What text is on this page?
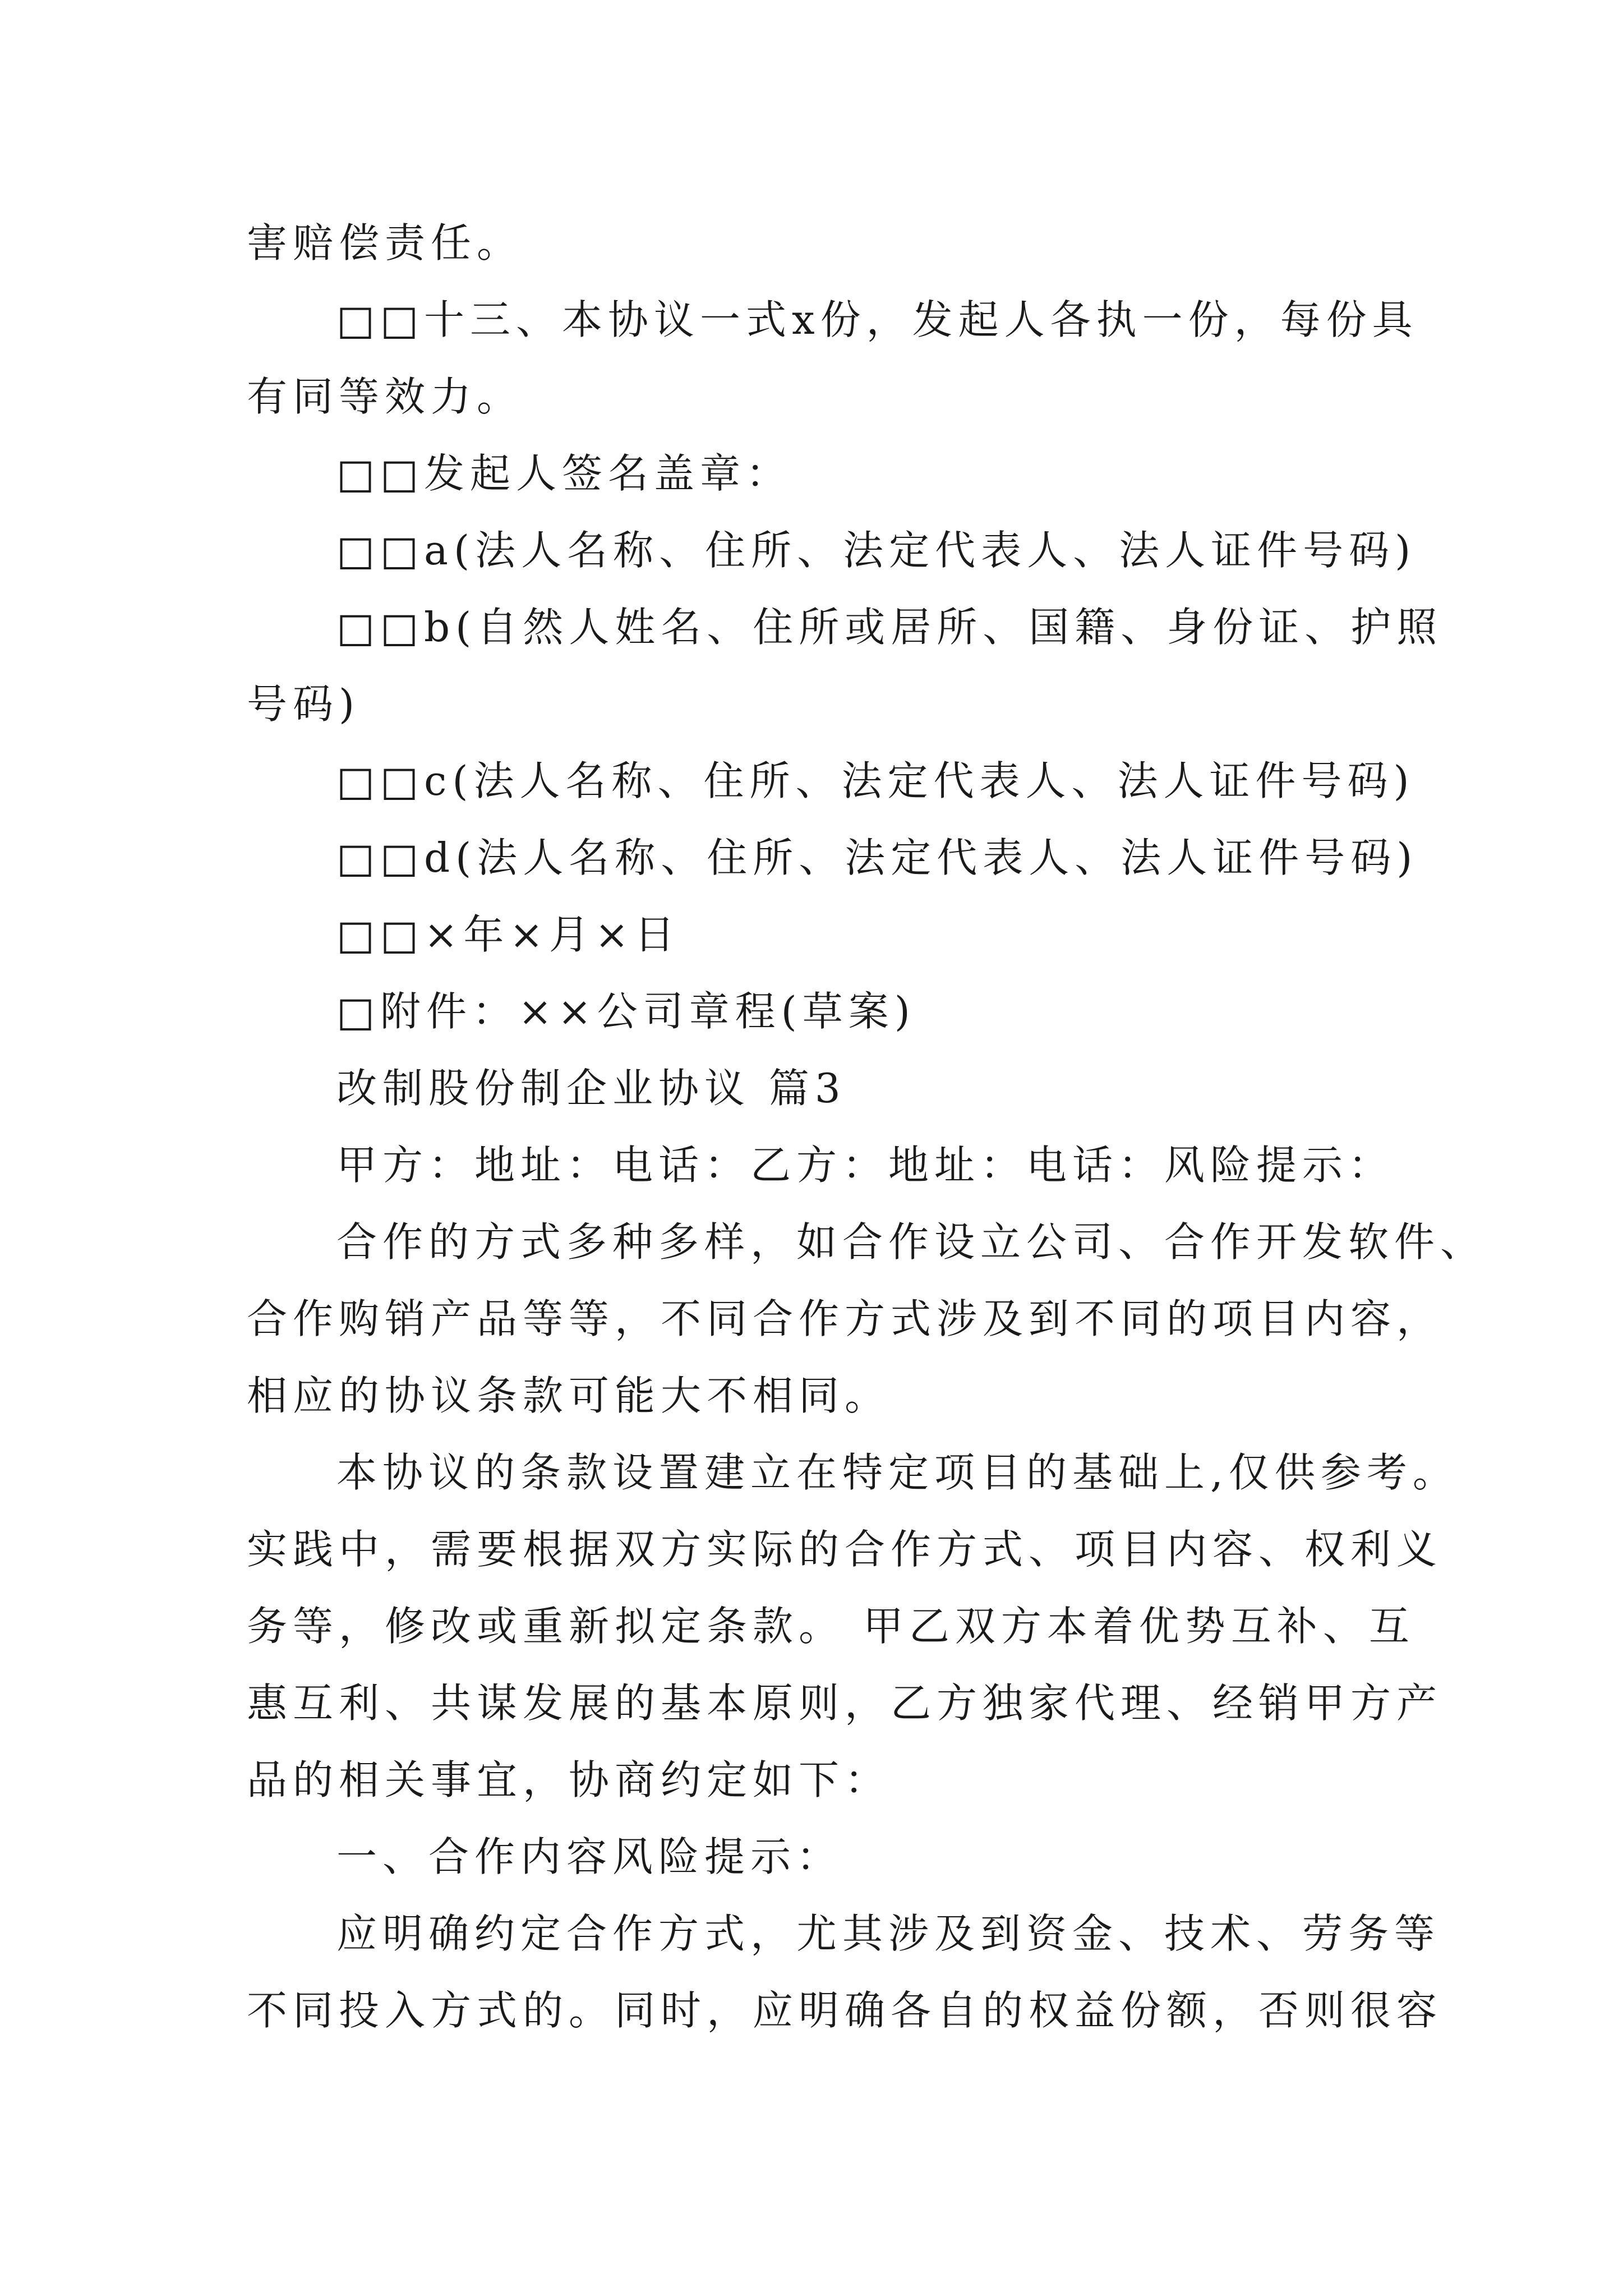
害赔偿责任。
□□十三、本协议一式x份，发起人各执一份，每份具
有同等效力。
□□发起人签名盖章：
□□a(法人名称、住所、法定代表人、法人证件号码)
□□b(自然人姓名、住所或居所、国籍、身份证、护照
号码)
□□c(法人名称、住所、法定代表人、法人证件号码)
□□d(法人名称、住所、法定代表人、法人证件号码)
□□×年×月×日
□附件：××公司章程(草案)
改制股份制企业协议 篇3
甲方：地址：电话：乙方：地址：电话：风险提示：
合作的方式多种多样，如合作设立公司、合作开发软件、
合作购销产品等等，不同合作方式涉及到不同的项目内容，
相应的协议条款可能大不相同。
本协议的条款设置建立在特定项目的基础上,仅供参考。
实践中，需要根据双方实际的合作方式、项目内容、权利义
务等，修改或重新拟定条款。 甲乙双方本着优势互补、互
惠互利、共谋发展的基本原则，乙方独家代理、经销甲方产
品的相关事宜，协商约定如下：
一、合作内容风险提示：
应明确约定合作方式，尤其涉及到资金、技术、劳务等
不同投入方式的。同时，应明确各自的权益份额，否则很容
